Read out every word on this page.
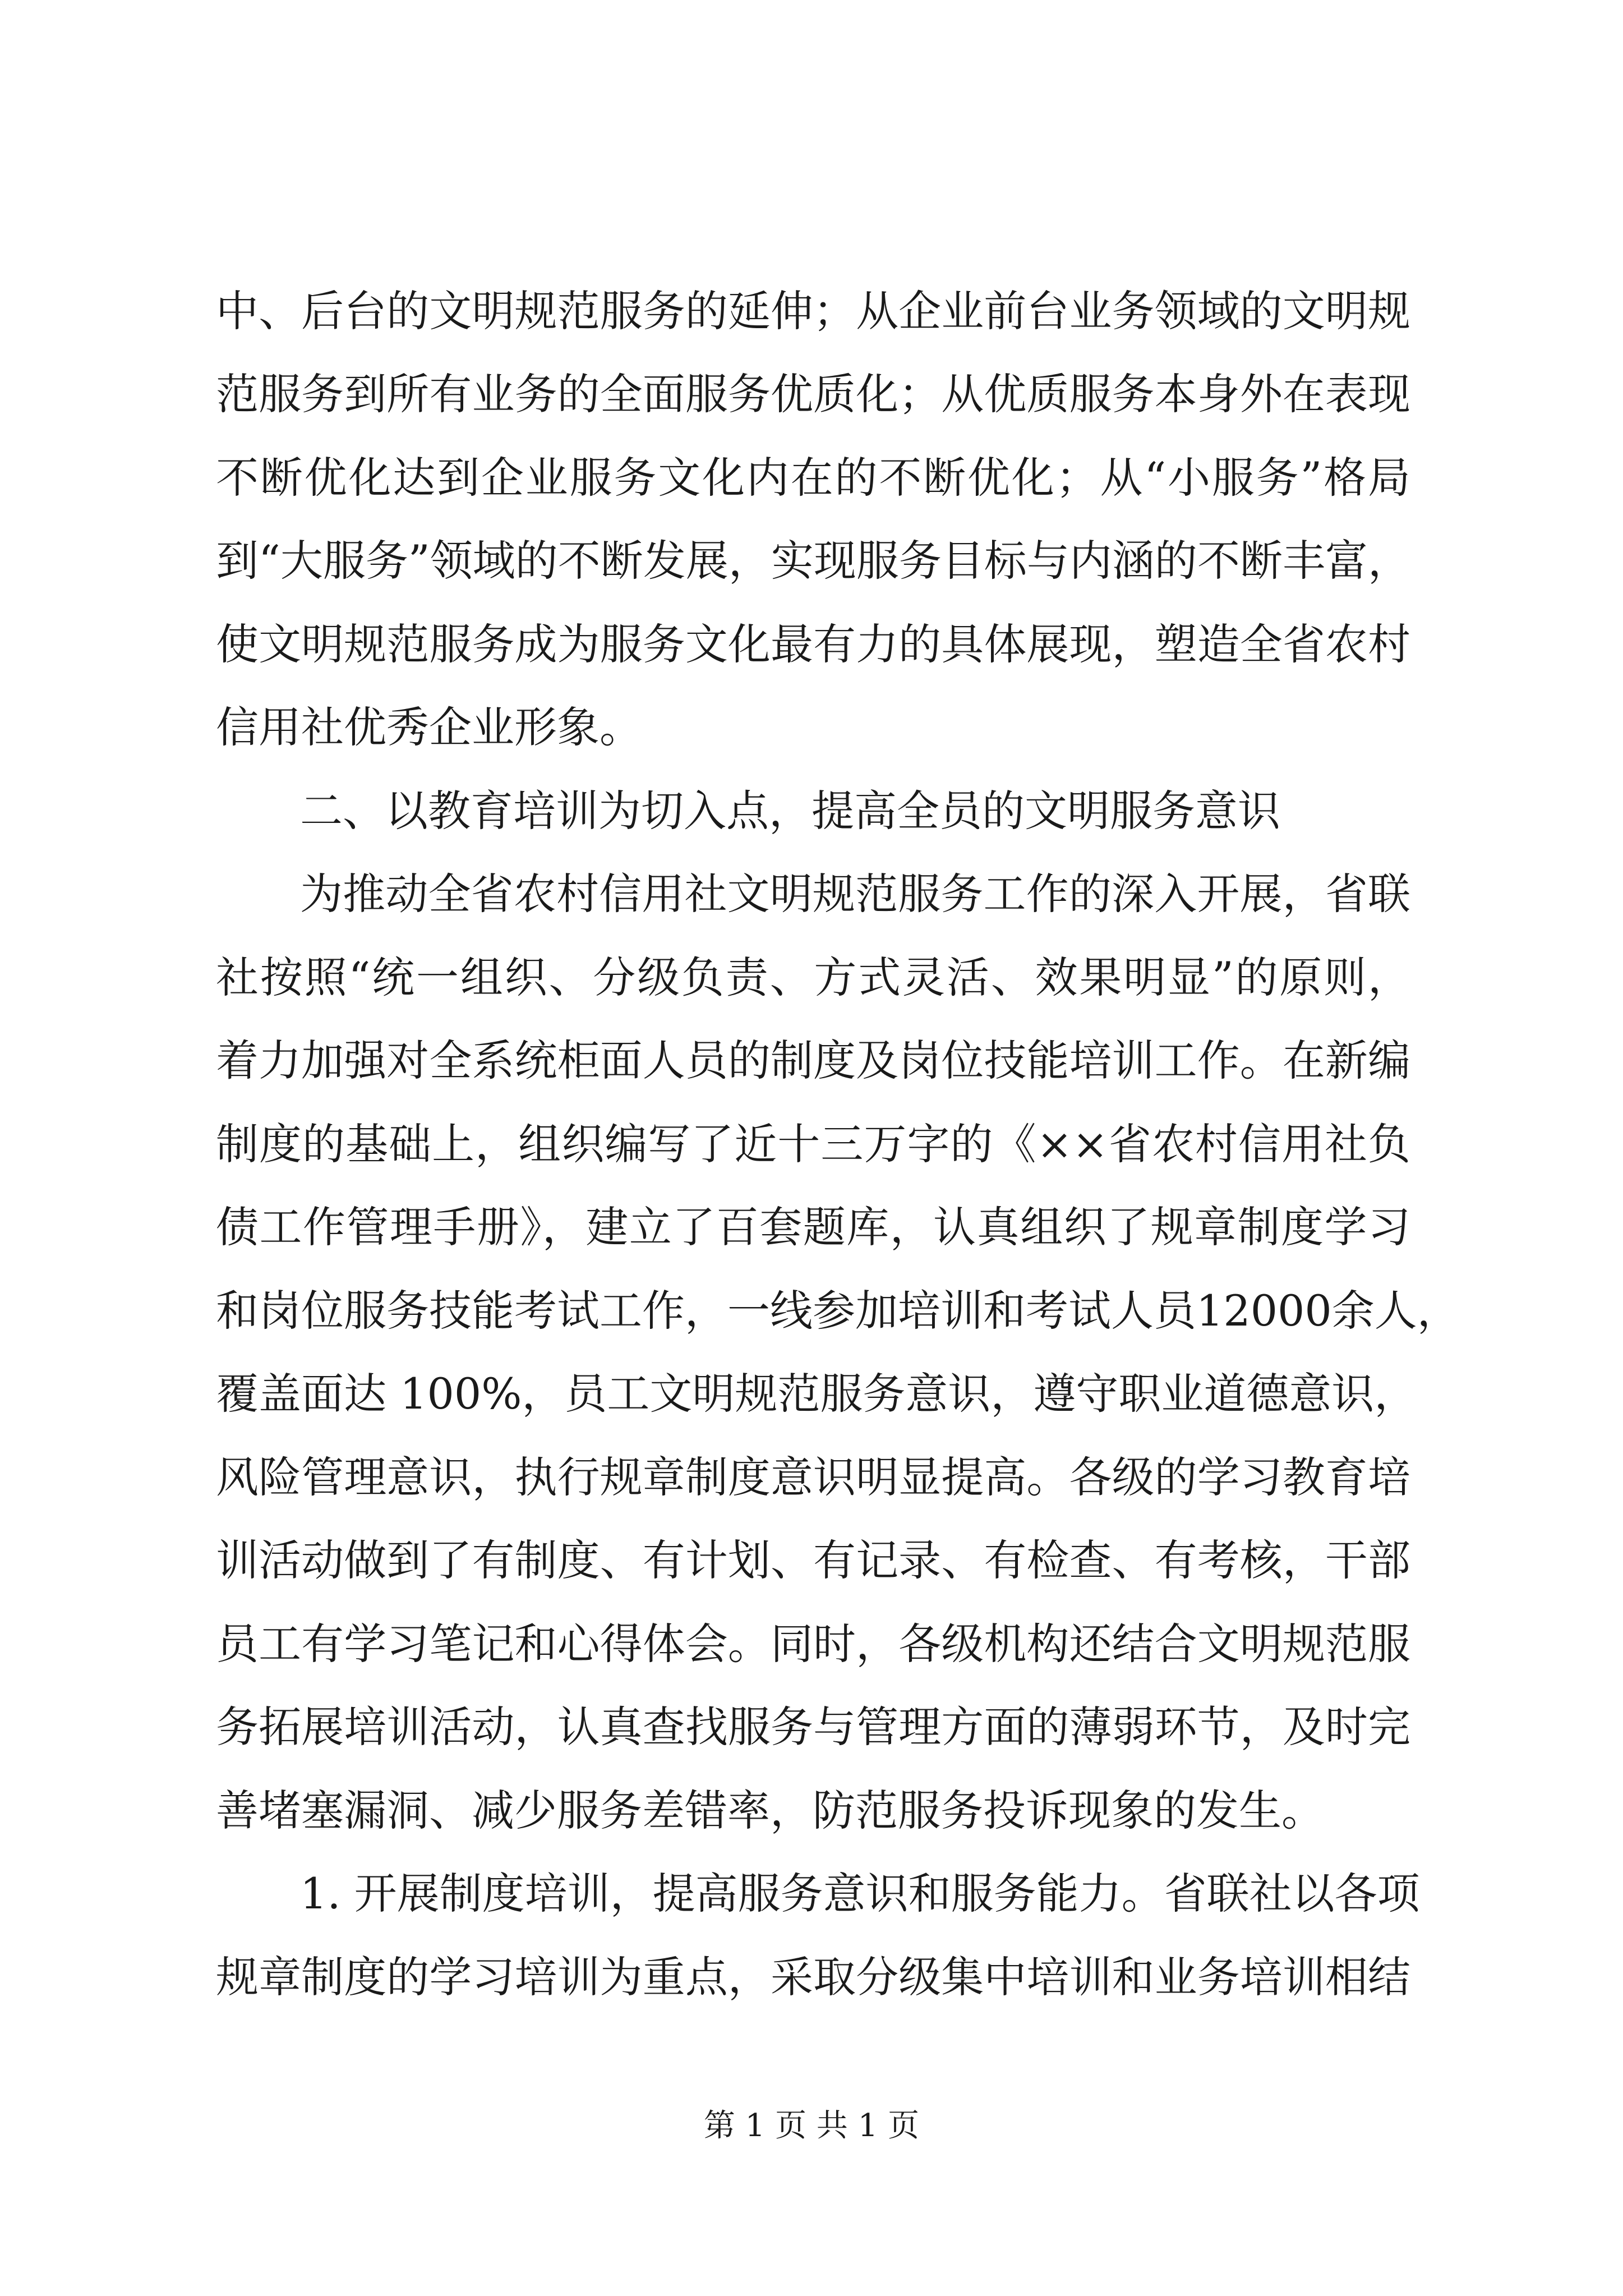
中、后台的文明规范服务的延伸；从企业前台业务领域的文明规
范服务到所有业务的全面服务优质化；从优质服务本身外在表现
不断优化达到企业服务文化内在的不断优化；从“小服务”格局
到“大服务”领域的不断发展，实现服务目标与内涵的不断丰富，
使文明规范服务成为服务文化最有力的具体展现，塑造全省农村
信用社优秀企业形象。
二、以教育培训为切入点，提高全员的文明服务意识
为推动全省农村信用社文明规范服务工作的深入开展，省联
社按照“统一组织、分级负责、方式灵活、效果明显”的原则，
着力加强对全系统柜面人员的制度及岗位技能培训工作。在新编
制度的基础上，组织编写了近十三万字的《××省农村信用社负
债工作管理手册》，建立了百套题库，认真组织了规章制度学习
和岗位服务技能考试工作，一线参加培训和考试人员12000余人，
覆盖面达 100%，员工文明规范服务意识，遵守职业道德意识，
风险管理意识，执行规章制度意识明显提高。各级的学习教育培
训活动做到了有制度、有计划、有记录、有检查、有考核，干部
员工有学习笔记和心得体会。同时，各级机构还结合文明规范服
务拓展培训活动，认真查找服务与管理方面的薄弱环节，及时完
善堵塞漏洞、减少服务差错率，防范服务投诉现象的发生。
1. 开展制度培训，提高服务意识和服务能力。省联社以各项
规章制度的学习培训为重点，采取分级集中培训和业务培训相结
第 1 页 共 1 页
